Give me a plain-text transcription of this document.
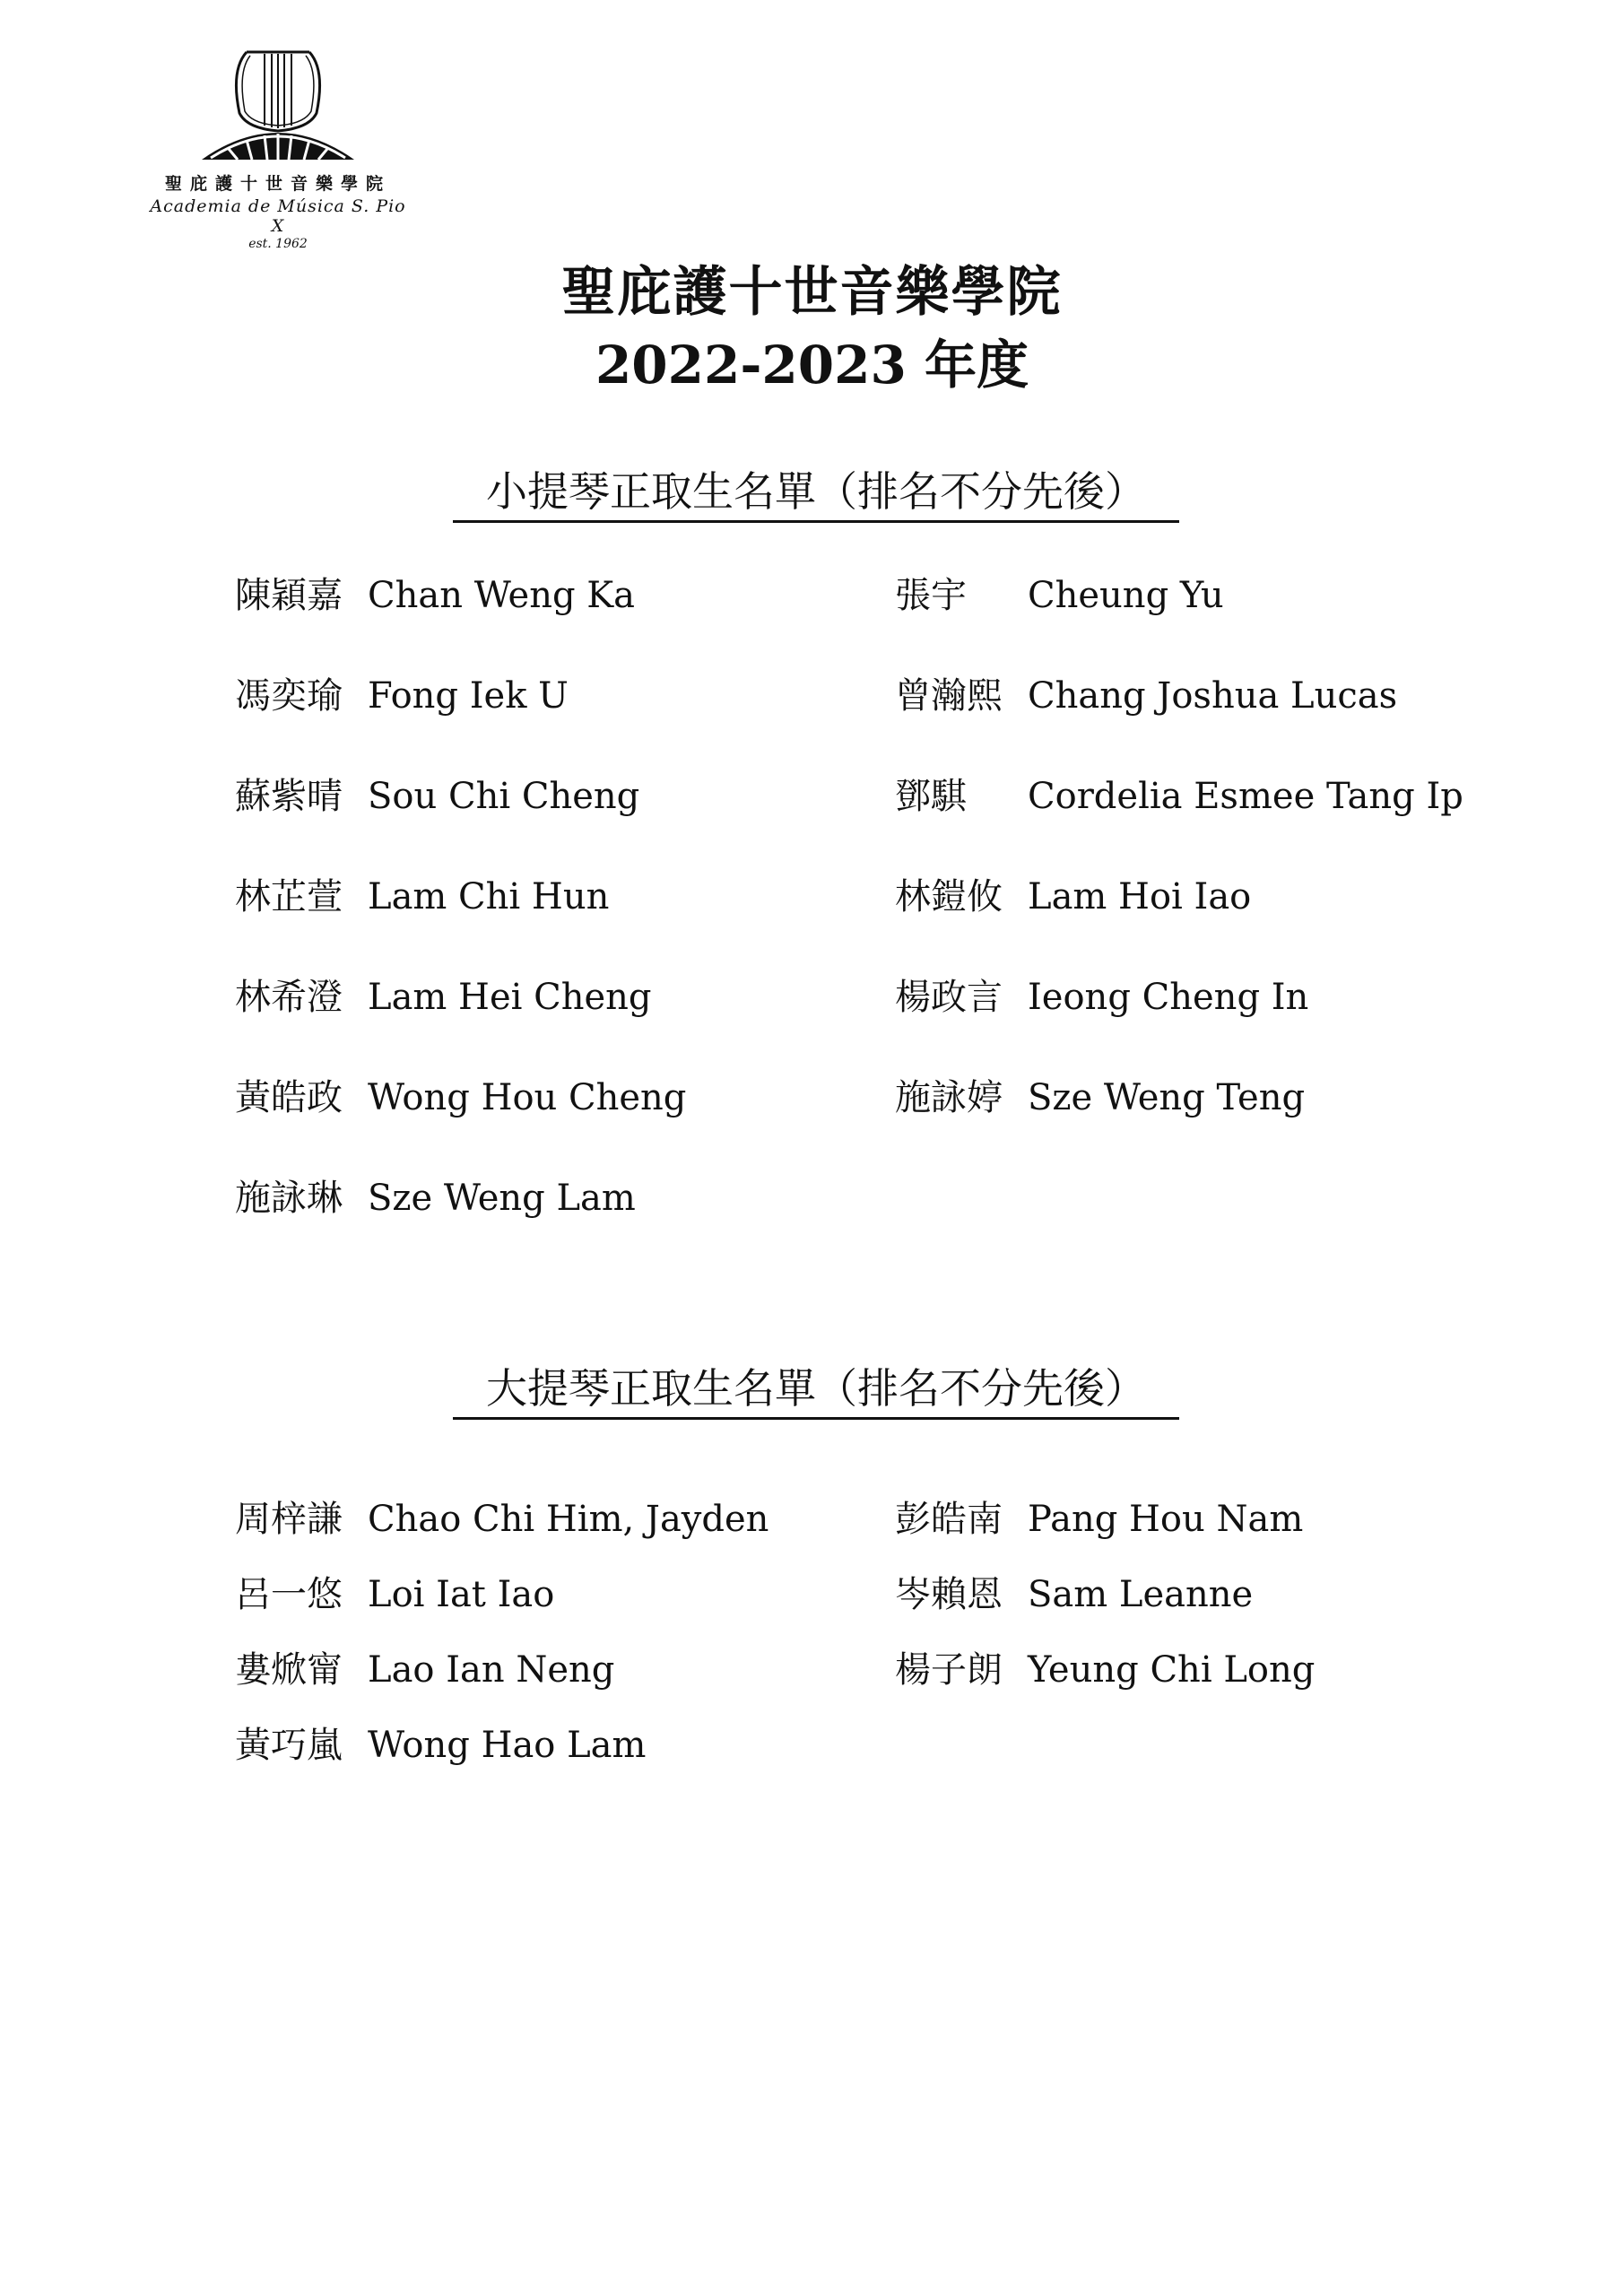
聖庇護十世音樂學院
Academia de Música S. Pio X
est. 1962
聖庇護十世音樂學院
2022-2023 年度
小提琴正取生名單（排名不分先後）
大提琴正取生名單（排名不分先後）
陳穎嘉 Chan Weng Ka
馮奕瑜 Fong Iek U
蘇紫晴 Sou Chi Cheng
林芷萱 Lam Chi Hun
林希澄 Lam Hei Cheng
黃皓政 Wong Hou Cheng
施詠琳 Sze Weng Lam
張宇 Cheung Yu
曾瀚熙 Chang Joshua Lucas
鄧騏 Cordelia Esmee Tang Ip
林鎧攸 Lam Hoi Iao
楊政言 Ieong Cheng In
施詠婷 Sze Weng Teng
周梓謙 Chao Chi Him, Jayden
呂一悠 Loi Iat Iao
婁焮甯 Lao Ian Neng
黃巧嵐 Wong Hao Lam
彭皓南 Pang Hou Nam
岑賴恩 Sam Leanne
楊子朗 Yeung Chi Long
